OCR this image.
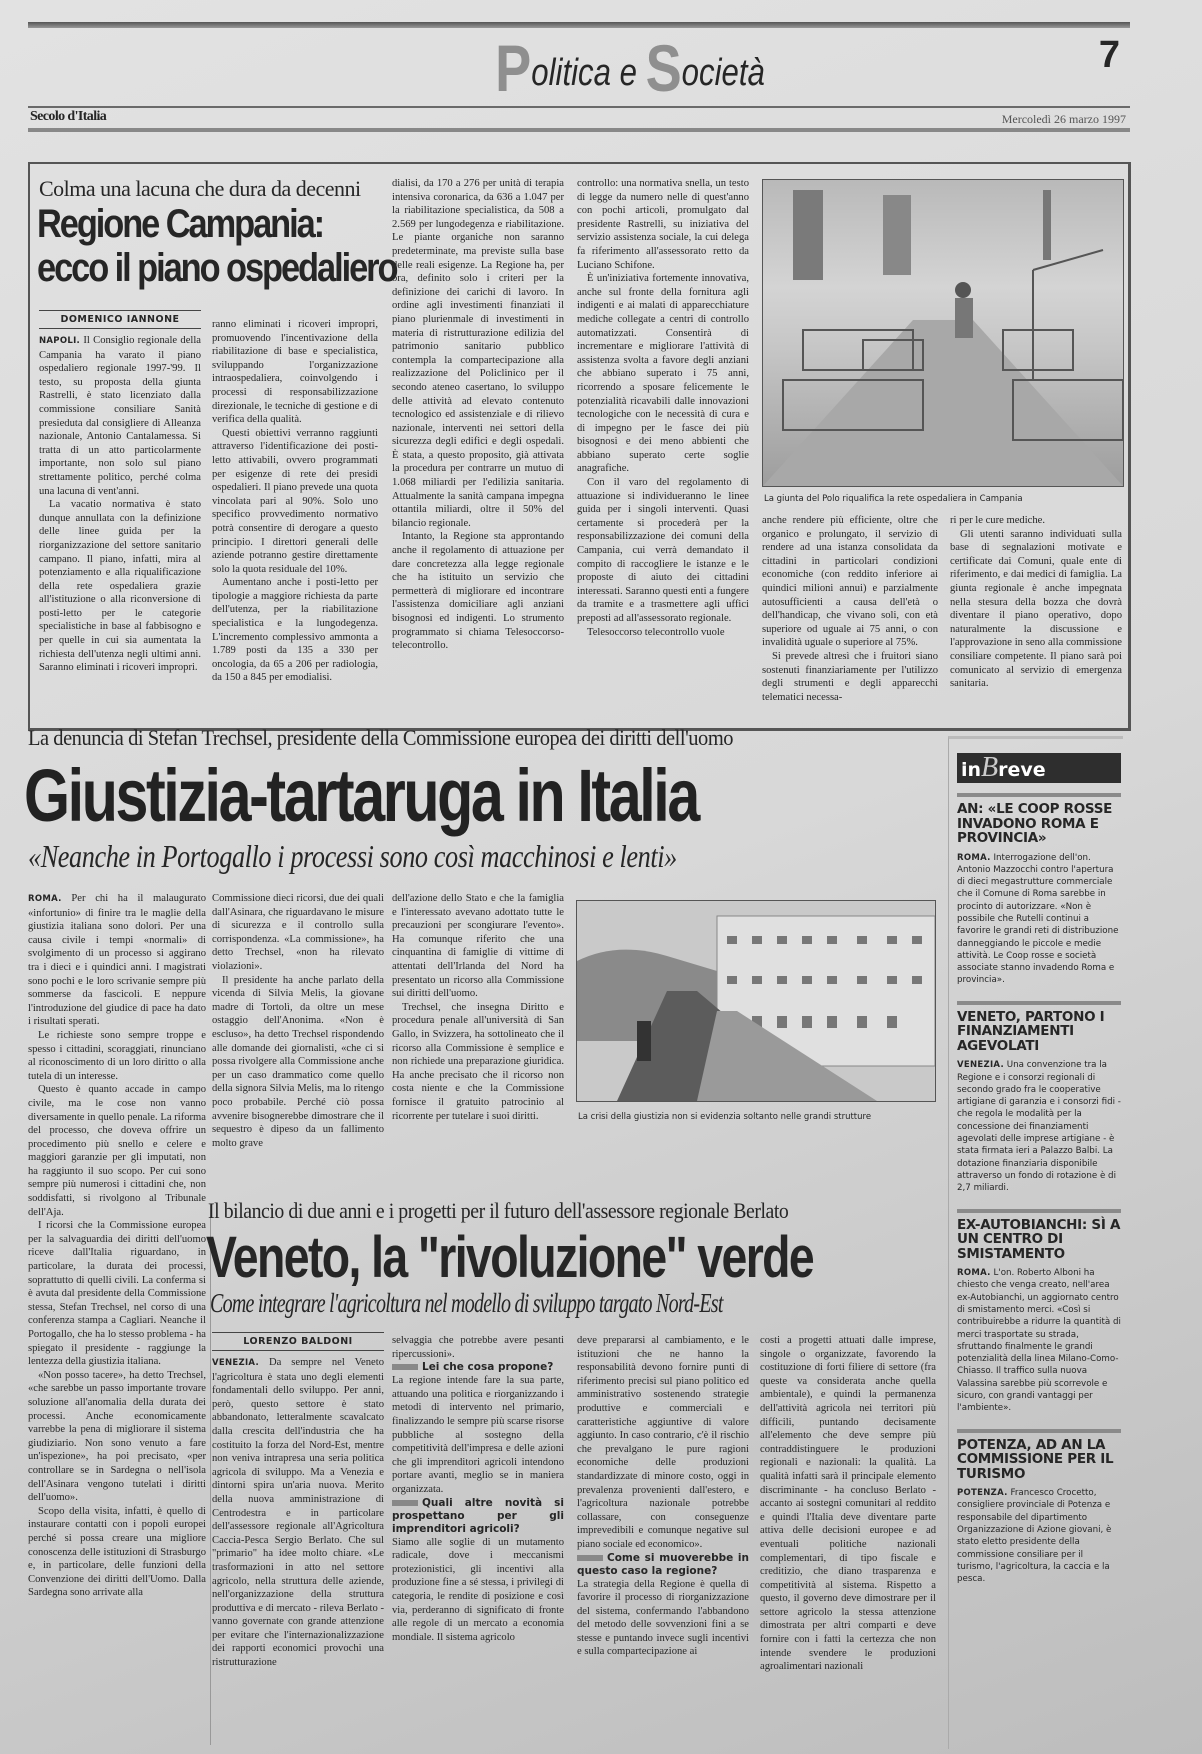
Politica e Società	7
Secolo d'Italia	Mercoledì 26 marzo 1997
Colma una lacuna che dura da decenni
Regione Campania:
ecco il piano ospedaliero
DOMENICO IANNONE

NAPOLI. Il Consiglio regionale della Campania ha varato il piano ospedaliero regionale 1997-'99. Il testo, su proposta della giunta Rastrelli, è stato licenziato dalla commissione consiliare Sanità presieduta dal consigliere di Alleanza nazionale, Antonio Cantalamessa. Si tratta di un atto particolarmente importante, non solo sul piano strettamente politico, perché colma una lacuna di vent'anni.

La vacatio normativa è stato dunque annullata con la definizione delle linee guida per la riorganizzazione del settore sanitario campano. Il piano, infatti, mira al potenziamento e alla riqualificazione della rete ospedaliera grazie all'istituzione o alla riconversione di posti-letto per le categorie specialistiche in base al fabbisogno e per quelle in cui sia aumentata la richiesta dell'utenza negli ultimi anni. Saranno eliminati i ricoveri impropri.

ranno eliminati i ricoveri impropri, promuovendo l'incentivazione della riabilitazione di base e specialistica, sviluppando l'organizzazione intraospedaliera, coinvolgendo i processi di responsabilizzazione direzionale, le tecniche di gestione e di verifica della qualità.

Questi obiettivi verranno raggiunti attraverso l'identificazione dei posti-letto attivabili, ovvero programmati per esigenze di rete dei presidi ospedalieri. Il piano prevede una quota vincolata pari al 90%. Solo uno specifico provvedimento normativo potrà consentire di derogare a questo principio. I direttori generali delle aziende potranno gestire direttamente solo la quota residuale del 10%.

Aumentano anche i posti-letto per tipologie a maggiore richiesta da parte dell'utenza, per la riabilitazione specialistica e la lungodegenza. L'incremento complessivo ammonta a 1.789 posti da 135 a 330 per oncologia, da 65 a 206 per radiologia, da 150 a 845 per emodialisi.

dialisi, da 170 a 276 per unità di terapia intensiva coronarica, da 636 a 1.047 per la riabilitazione specialistica, da 508 a 2.569 per lungodegenza e riabilitazione. Le piante organiche non saranno predeterminate, ma previste sulla base delle reali esigenze. La Regione ha, per ora, definito solo i criteri per la definizione dei carichi di lavoro. In ordine agli investimenti finanziati il piano plurienmale di investimenti in materia di ristrutturazione edilizia del patrimonio sanitario pubblico contempla la compartecipazione alla realizzazione del Policlinico per il secondo ateneo casertano, lo sviluppo delle attività ad elevato contenuto tecnologico ed assistenziale e di rilievo nazionale, interventi nei settori della sicurezza degli edifici e degli ospedali. È stata, a questo proposito, già attivata la procedura per contrarre un mutuo di 1.068 miliardi per l'edilizia sanitaria. Attualmente la sanità campana impegna ottantila miliardi, oltre il 50% del bilancio regionale.

Intanto, la Regione sta approntando anche il regolamento di attuazione per dare concretezza alla legge regionale che ha istituito un servizio che permetterà di migliorare ed incontrare l'assistenza domiciliare agli anziani bisognosi ed indigenti. Lo strumento programmato si chiama Telesoccorso-telecontrollo.

controllo: una normativa snella, un testo di legge da numero nelle di quest'anno con pochi articoli, promulgato dal presidente Rastrelli, su iniziativa del servizio assistenza sociale, la cui delega fa riferimento all'assessorato retto da Luciano Schifone.

È un'iniziativa fortemente innovativa, anche sul fronte della fornitura agli indigenti e ai malati di apparecchiature mediche collegate a centri di controllo automatizzati. Consentirà di incrementare e migliorare l'attività di assistenza svolta a favore degli anziani che abbiano superato i 75 anni, ricorrendo a sposare felicemente le potenzialità ricavabili dalle innovazioni tecnologiche con le necessità di cura e di impegno per le fasce dei più bisognosi e dei meno abbienti che abbiano superato certe soglie anagrafiche.

Con il varo del regolamento di attuazione si individueranno le linee guida per i singoli interventi. Quasi certamente si procederà per la responsabilizzazione dei comuni della Campania, cui verrà demandato il compito di raccogliere le istanze e le proposte di aiuto dei cittadini interessati. Saranno questi enti a fungere da tramite e a trasmettere agli uffici preposti ad all'assessorato regionale.

Telesoccorso telecontrollo vuole

La giunta del Polo riqualifica la rete ospedaliera in Campania

anche rendere più efficiente, oltre che organico e prolungato, il servizio di rendere ad una istanza consolidata da cittadini in particolari condizioni economiche (con reddito inferiore ai quindici milioni annui) e parzialmente autosufficienti a causa dell'età o dell'handicap, che vivano soli, con età superiore od uguale ai 75 anni, o con invalidità uguale o superiore al 75%.

Si prevede altresì che i fruitori siano sostenuti finanziariamente per l'utilizzo degli strumenti e degli apparecchi telematici necessa-

ri per le cure mediche.

Gli utenti saranno individuati sulla base di segnalazioni motivate e certificate dai Comuni, quale ente di riferimento, e dai medici di famiglia. La giunta regionale è anche impegnata nella stesura della bozza che dovrà diventare il piano operativo, dopo naturalmente la discussione e l'approvazione in seno alla commissione consiliare competente. Il piano sarà poi comunicato al servizio di emergenza sanitaria.

La denuncia di Stefan Trechsel, presidente della Commissione europea dei diritti dell'uomo
Giustizia-tartaruga in Italia
«Neanche in Portogallo i processi sono così macchinosi e lenti»

ROMA. Per chi ha il malaugurato «infortunio» di finire tra le maglie della giustizia italiana sono dolori. Per una causa civile i tempi «normali» di svolgimento di un processo si aggirano tra i dieci e i quindici anni. I magistrati sono pochi e le loro scrivanie sempre più sommerse da fascicoli. E neppure l'introduzione del giudice di pace ha dato i risultati sperati.

Le richieste sono sempre troppe e spesso i cittadini, scoraggiati, rinunciano al riconoscimento di un loro diritto o alla tutela di un interesse.

Questo è quanto accade in campo civile, ma le cose non vanno diversamente in quello penale. La riforma del processo, che doveva offrire un procedimento più snello e celere e maggiori garanzie per gli imputati, non ha raggiunto il suo scopo. Per cui sono sempre più numerosi i cittadini che, non soddisfatti, si rivolgono al Tribunale dell'Aja.

I ricorsi che la Commissione europea per la salvaguardia dei diritti dell'uomo riceve dall'Italia riguardano, in particolare, la durata dei processi, soprattutto di quelli civili. La conferma si è avuta dal presidente della Commissione stessa, Stefan Trechsel, nel corso di una conferenza stampa a Cagliari. Neanche il Portogallo, che ha lo stesso problema - ha spiegato il presidente - raggiunge la lentezza della giustizia italiana.

«Non posso tacere», ha detto Trechsel, «che sarebbe un passo importante trovare soluzione all'anomalia della durata dei processi. Anche economicamente varrebbe la pena di migliorare il sistema giudiziario. Non sono venuto a fare un'ispezione», ha poi precisato, «per controllare se in Sardegna o nell'isola dell'Asinara vengono tutelati i diritti dell'uomo».

Scopo della visita, infatti, è quello di instaurare contatti con i popoli europei perché si possa creare una migliore conoscenza delle istituzioni di Strasburgo e, in particolare, delle funzioni della Convenzione dei diritti dell'Uomo. Dalla Sardegna sono arrivate alla

Commissione dieci ricorsi, due dei quali dall'Asinara, che riguardavano le misure di sicurezza e il controllo sulla corrispondenza. «La commissione», ha detto Trechsel, «non ha rilevato violazioni».

Il presidente ha anche parlato della vicenda di Silvia Melis, la giovane madre di Tortolì, da oltre un mese ostaggio dell'Anonima. «Non è escluso», ha detto Trechsel rispondendo alle domande dei giornalisti, «che ci si possa rivolgere alla Commissione anche per un caso drammatico come quello della signora Silvia Melis, ma lo ritengo poco probabile. Perché ciò possa avvenire bisognerebbe dimostrare che il sequestro è dipeso da un fallimento molto grave

dell'azione dello Stato e che la famiglia e l'interessato avevano adottato tutte le precauzioni per scongiurare l'evento». Ha comunque riferito che una cinquantina di famiglie di vittime di attentati dell'Irlanda del Nord ha presentato un ricorso alla Commissione sui diritti dell'uomo.

Trechsel, che insegna Diritto e procedura penale all'università di San Gallo, in Svizzera, ha sottolineato che il ricorso alla Commissione è semplice e non richiede una preparazione giuridica. Ha anche precisato che il ricorso non costa niente e che la Commissione fornisce il gratuito patrocinio al ricorrente per tutelare i suoi diritti.	La crisi della giustizia non si evidenzia soltanto nelle grandi strutture
Il bilancio di due anni e i progetti per il futuro dell'assessore regionale Berlato
Veneto, la "rivoluzione" verde
Come integrare l'agricoltura nel modello di sviluppo targato Nord-Est
LORENZO BALDONI

VENEZIA. Da sempre nel Veneto l'agricoltura è stata uno degli elementi fondamentali dello sviluppo. Per anni, però, questo settore è stato abbandonato, letteralmente scavalcato dalla crescita dell'industria che ha costituito la forza del Nord-Est, mentre non veniva intrapresa una seria politica agricola di sviluppo. Ma a Venezia e dintorni spira un'aria nuova. Merito della nuova amministrazione di Centrodestra e in particolare dell'assessore regionale all'Agricoltura Caccia-Pesca Sergio Berlato. Che sul "primario" ha idee molto chiare. «Le trasformazioni in atto nel settore agricolo, nella struttura delle aziende, nell'organizzazione della struttura produttiva e di mercato - rileva Berlato - vanno governate con grande attenzione per evitare che l'internazionalizzazione dei rapporti economici provochi una ristrutturazione

selvaggia che potrebbe avere pesanti ripercussioni».

Lei che cosa propone?

La regione intende fare la sua parte, attuando una politica e riorganizzando i metodi di intervento nel primario, finalizzando le sempre più scarse risorse pubbliche al sostegno della competitività dell'impresa e delle azioni che gli imprenditori agricoli intendono portare avanti, meglio se in maniera organizzata.

Quali altre novità si prospettano per gli imprenditori agricoli?

Siamo alle soglie di un mutamento radicale, dove i meccanismi protezionistici, gli incentivi alla produzione fine a sé stessa, i privilegi di categoria, le rendite di posizione e così via, perderanno di significato di fronte alle regole di un mercato a economia mondiale. Il sistema agricolo

deve prepararsi al cambiamento, e le istituzioni che ne hanno la responsabilità devono fornire punti di riferimento precisi sul piano politico ed amministrativo sostenendo strategie produttive e commerciali e caratteristiche aggiuntive di valore aggiunto. In caso contrario, c'è il rischio che prevalgano le pure ragioni economiche delle produzioni standardizzate di minore costo, oggi in prevalenza provenienti dall'estero, e l'agricoltura nazionale potrebbe collassare, con conseguenze imprevedibili e comunque negative sul piano sociale ed economico».

Come si muoverebbe in questo caso la regione?

La strategia della Regione è quella di favorire il processo di riorganizzazione del sistema, confermando l'abbandono del metodo delle sovvenzioni fini a se stesse e puntando invece sugli incentivi e sulla compartecipazione ai

costi a progetti attuati dalle imprese, singole o organizzate, favorendo la costituzione di forti filiere di settore (fra queste va considerata anche quella ambientale), e quindi la permanenza dell'attività agricola nei territori più difficili, puntando decisamente all'elemento che deve sempre più contraddistinguere le produzioni regionali e nazionali: la qualità. La qualità infatti sarà il principale elemento discriminante - ha concluso Berlato - accanto ai sostegni comunitari al reddito e quindi l'Italia deve diventare parte attiva delle decisioni europee e ad eventuali politiche nazionali complementari, di tipo fiscale e creditizio, che diano trasparenza e competitività al sistema. Rispetto a questo, il governo deve dimostrare per il settore agricolo la stessa attenzione dimostrata per altri comparti e deve fornire con i fatti la certezza che non intende svendere le produzioni agroalimentari nazionali

inBreve
AN: «LE COOP ROSSE INVADONO ROMA E PROVINCIA»
ROMA. Interrogazione dell'on. Antonio Mazzocchi contro l'apertura di dieci megastrutture commerciale che il Comune di Roma sarebbe in procinto di autorizzare. «Non è possibile che Rutelli continui a favorire le grandi reti di distribuzione danneggiando le piccole e medie attività. Le Coop rosse e società associate stanno invadendo Roma e provincia».
VENETO, PARTONO I FINANZIAMENTI AGEVOLATI
VENEZIA. Una convenzione tra la Regione e i consorzi regionali di secondo grado fra le cooperative artigiane di garanzia e i consorzi fidi - che regola le modalità per la concessione dei finanziamenti agevolati delle imprese artigiane - è stata firmata ieri a Palazzo Balbi. La dotazione finanziaria disponibile attraverso un fondo di rotazione è di 2,7 miliardi.
EX-AUTOBIANCHI: SÌ A UN CENTRO DI SMISTAMENTO
ROMA. L'on. Roberto Alboni ha chiesto che venga creato, nell'area ex-Autobianchi, un aggiornato centro di smistamento merci. «Così si contribuirebbe a ridurre la quantità di merci trasportate su strada, sfruttando finalmente le grandi potenzialità della linea Milano-Como-Chiasso. Il traffico sulla nuova Valassina sarebbe più scorrevole e sicuro, con grandi vantaggi per l'ambiente».
POTENZA, AD AN LA COMMISSIONE PER IL TURISMO
POTENZA. Francesco Crocetto, consigliere provinciale di Potenza e responsabile del dipartimento Organizzazione di Azione giovani, è stato eletto presidente della commissione consiliare per il turismo, l'agricoltura, la caccia e la pesca.
